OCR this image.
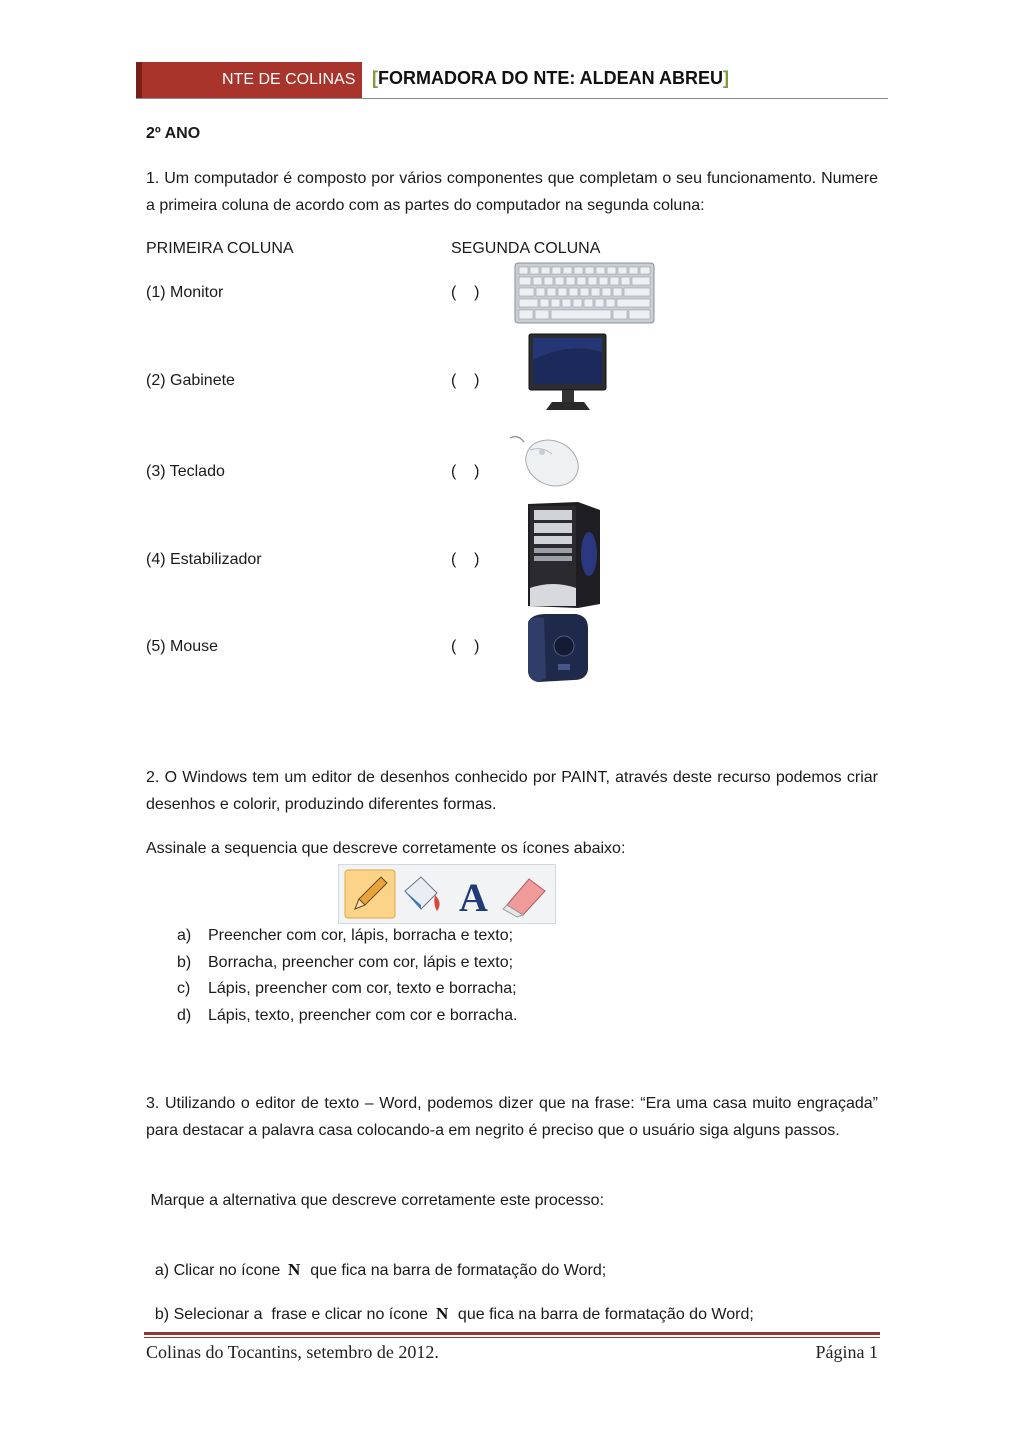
NTE DE COLINAS [FORMADORA DO NTE: ALDEAN ABREU]
2º ANO
1. Um computador é composto por vários componentes que completam o seu funcionamento. Numere a primeira coluna de acordo com as partes do computador na segunda coluna:
PRIMEIRA COLUNA	SEGUNDA COLUNA
(1) Monitor	(    )
(2) Gabinete	(    )
(3) Teclado	(    )
(4) Estabilizador	(    )
(5) Mouse	(    )
2. O Windows tem um editor de desenhos conhecido por PAINT, através deste recurso podemos criar desenhos e colorir, produzindo diferentes formas.
Assinale a sequencia que descreve corretamente os ícones abaixo:
A
a) Preencher com cor, lápis, borracha e texto;
b) Borracha, preencher com cor, lápis e texto;
c) Lápis, preencher com cor, texto e borracha;
d) Lápis, texto, preencher com cor e borracha.
3. Utilizando o editor de texto – Word, podemos dizer que na frase: “Era uma casa muito engraçada” para destacar a palavra casa colocando-a em negrito é preciso que o usuário siga alguns passos.
Marque a alternativa que descreve corretamente este processo:

a) Clicar no ícone N que fica na barra de formatação do Word;

b) Selecionar a  frase e clicar no ícone N que fica na barra de formatação do Word;

Colinas do Tocantins, setembro de 2012.	Página 1
